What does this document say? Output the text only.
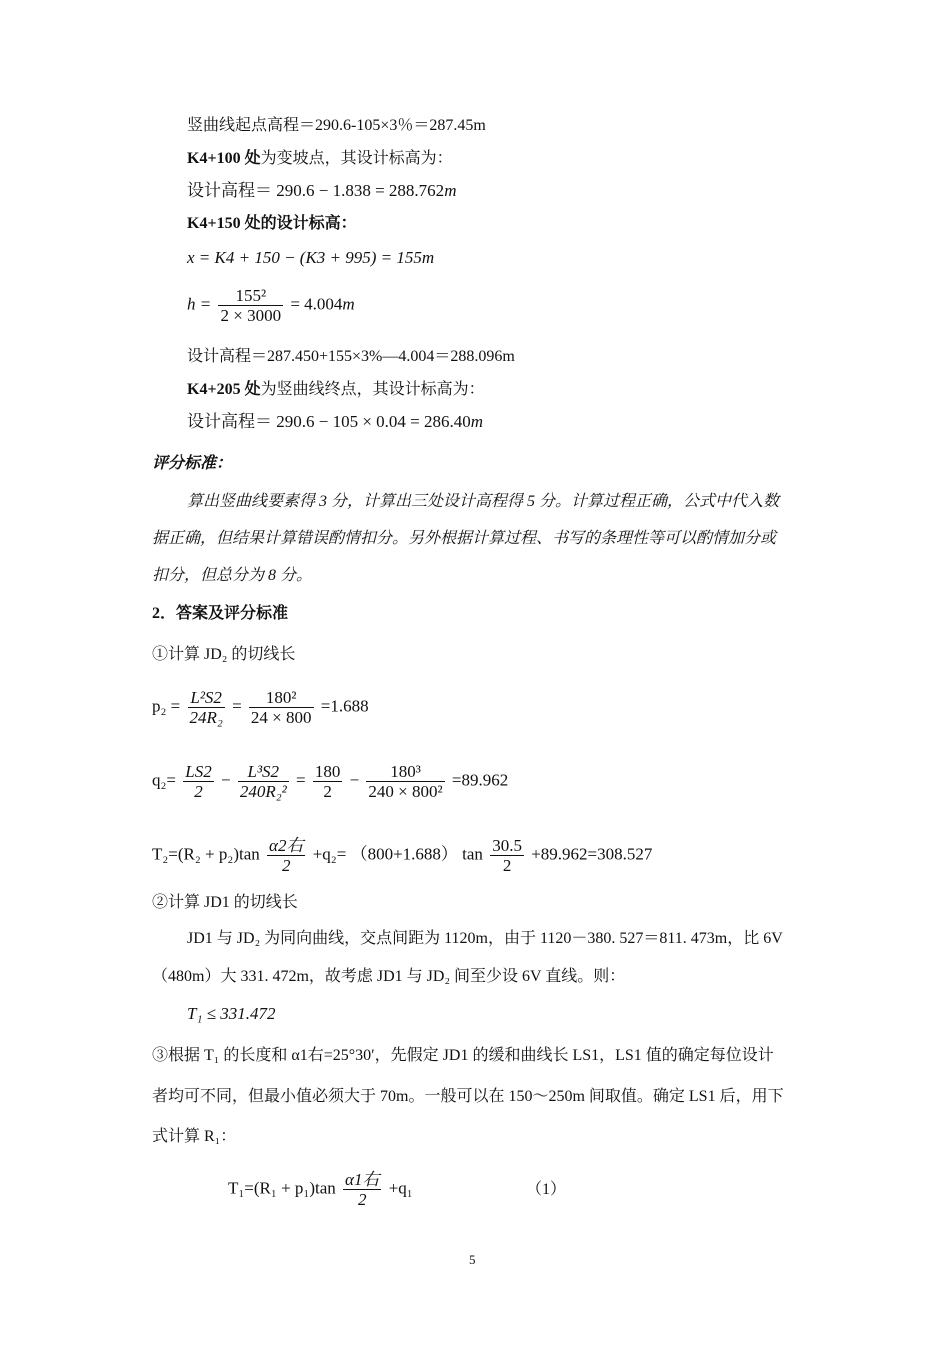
竖曲线起点高程＝290.6-105×3％＝287.45m
K4+100 处为变坡点，其设计标高为：
设计高程＝ 290.6 − 1.838 = 288.762m
K4+150 处的设计标高：
x = K4 + 150 − (K3 + 995) = 155m
$h = \frac{\text{155²}}{2 \times 3000} = 4.004m$
设计高程＝287.450+155×3%—4.004＝288.096m
K4+205 处为竖曲线终点，其设计标高为：
设计高程＝ 290.6 − 105 × 0.04 = 286.40m
评分标准：
算出竖曲线要素得 3 分，计算出三处设计高程得 5 分。计算过程正确，公式中代入数
据正确，但结果计算错误酌情扣分。另外根据计算过程、书写的条理性等可以酌情加分或
扣分，但总分为 8 分。
2．答案及评分标准
①计算 JD₂ 的切线长
$p_2 = \frac{\text{L²S2}}{\text{24R₂}} = \frac{\text{180²}}{24 \times 800} =1.688$
$q_2= \frac{LS2}{2} - \frac{\text{L³S2}}{\text{240R₂²}} = \frac{180}{2} - \frac{\text{180³}}{\text{240 × 800²}} =89.962$
$T_2=(R_2 + p_2)\tan \frac{\text{α2右}}{2} +q_2= (800+1.688)$ $\tan \frac{30.5}{2} +89.962=308.527$
②计算 JD1 的切线长
JD1 与 JD₂ 为同向曲线，交点间距为 1120m，由于 1120－380. 527＝811. 473m，比 6V
（480m）大 331. 472m，故考虑 JD1 与 JD₂ 间至少设 6V 直线。则：
T₁ ≤ 331.472
③根据 T₁ 的长度和 α1右=25°30′，先假定 JD1 的缓和曲线长 LS1，LS1 值的确定每位设计
者均可不同，但最小值必须大于 70m。一般可以在 150～250m 间取值。确定 LS1 后，用下
式计算 R₁：
$T_1=(R_1 + p_1)\tan \frac{\text{α1右}}{2} +q_1$	（1）
5
